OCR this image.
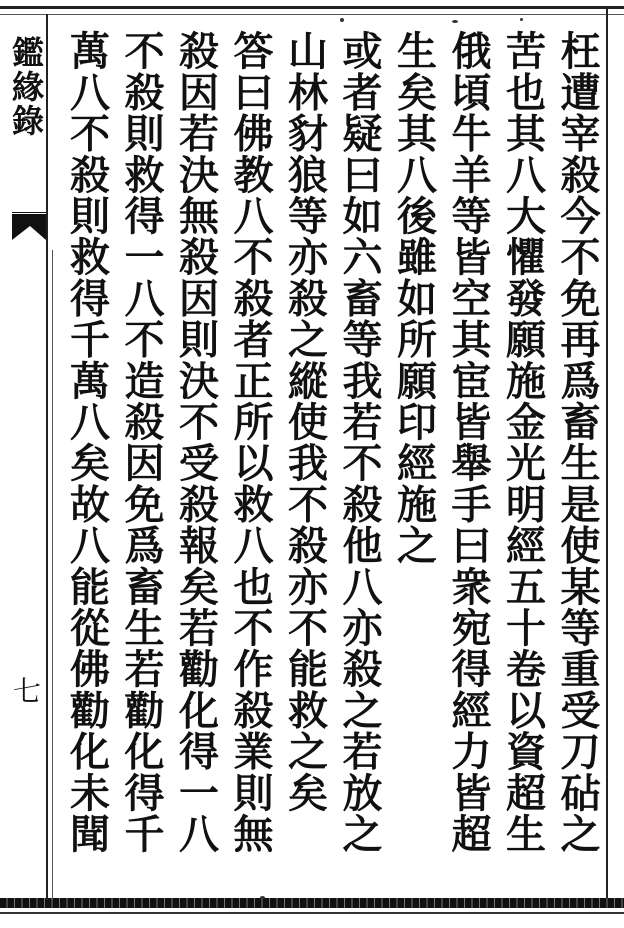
鑑緣錄
七	枉遭宰殺今不免再爲畜生是使某等重受刀砧之
苦也其八大懼發願施金光明經五十卷以資超生
俄頃牛羊等皆空其宦皆舉手曰衆宛得經力皆超
生矣其八後雖如所願印經施之
或者疑曰如六畜等我若不殺他八亦殺之若放之
山林豺狼等亦殺之縱使我不殺亦不能救之矣
答曰佛教八不殺者正所以救八也不作殺業則無
殺因若決無殺因則決不受殺報矣若勸化得一八
不殺則救得一八不造殺因免爲畜生若勸化得千
萬八不殺則救得千萬八矣故八能從佛勸化未聞
